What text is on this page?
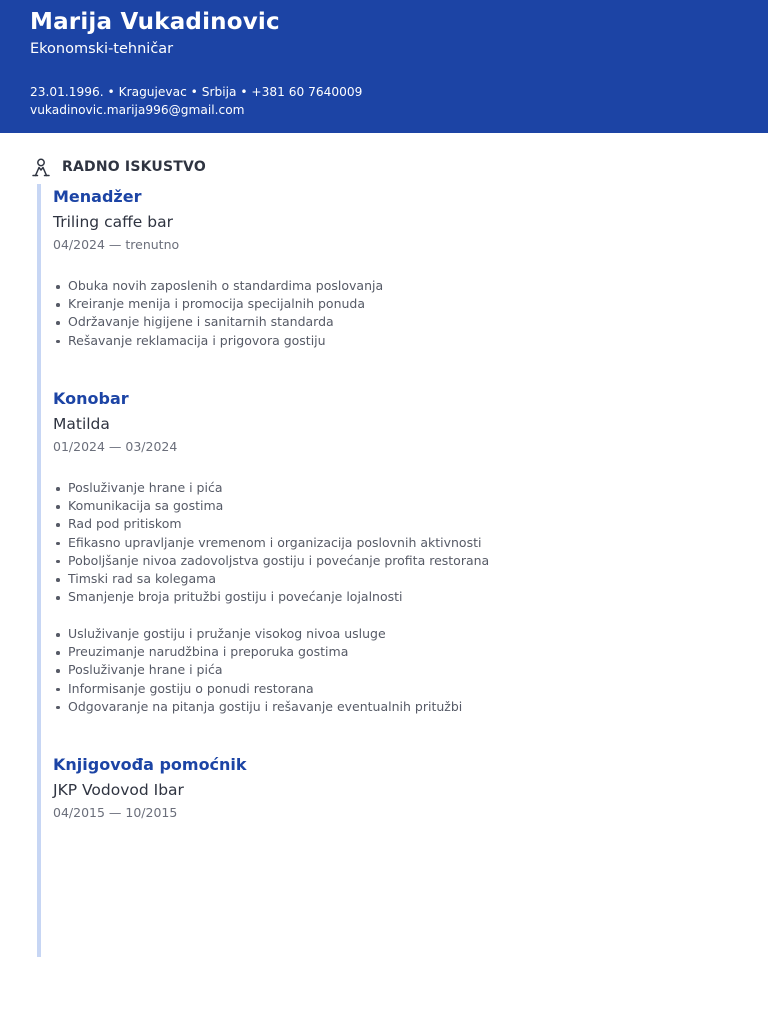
Marija Vukadinovic
Ekonomski-tehničar
23.01.1996. • Kragujevac • Srbija • +381 60 7640009
vukadinovic.marija996@gmail.com
RADNO ISKUSTVO
Menadžer
Triling caffe bar
04/2024 — trenutno
Obuka novih zaposlenih o standardima poslovanja
Kreiranje menija i promocija specijalnih ponuda
Održavanje higijene i sanitarnih standarda
Rešavanje reklamacija i prigovora gostiju
Konobar
Matilda
01/2024 — 03/2024
Posluživanje hrane i pića
Komunikacija sa gostima
Rad pod pritiskom
Efikasno upravljanje vremenom i organizacija poslovnih aktivnosti
Poboljšanje nivoa zadovoljstva gostiju i povećanje profita restorana
Timski rad sa kolegama
Smanjenje broja pritužbi gostiju i povećanje lojalnosti
Usluživanje gostiju i pružanje visokog nivoa usluge
Preuzimanje narudžbina i preporuka gostima
Posluživanje hrane i pića
Informisanje gostiju o ponudi restorana
Odgovaranje na pitanja gostiju i rešavanje eventualnih pritužbi
Knjigovođa pomoćnik
JKP Vodovod Ibar
04/2015 — 10/2015
